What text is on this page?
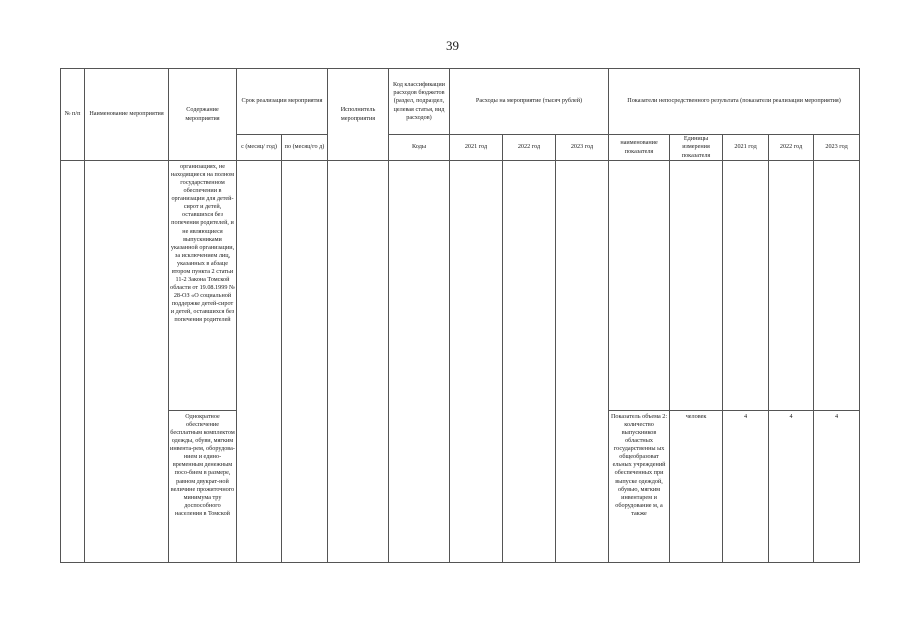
39
№ п/п	Наименование мероприятия	Содержание мероприятия	Срок реализации мероприятия		Исполнитель мероприятия	Код классификации расходов бюджетов (раздел, подраздел, целевая статья, вид расходов)	Расходы на мероприятие (тысяч рублей)			Показатели непосредственного результата (показатели реализации мероприятия)				
			с (месяц/ год)	по (месяц/го д)		Коды	2021 год	2022 год	2023 год	наименование показателя	Единицы измерения показателя	2021 год	2022 год	2023 год
		организациях, не находящиеся на полном государственном обеспечении в организации для детей-сирот и детей, оставшихся без попечения родителей, и не являющиеся выпускниками указанной организации, за исключением лиц, указанных в абзаце втором пункта 2 статьи 11-2 Закона Томской области от 19.08.1999 № 28-ОЗ «О социальной поддержке детей-сирот и детей, оставшихся без попечения родителей												
		Однократное обеспечение бесплатным комплектом одежды, обуви, мягким инвента-рем, оборудова-нием и едино-временным денежным посо-бием в размере, равном двукрат-ной величине прожиточного минимума тру доспособного населения в Томской								Показатель объема 2: количество выпускников областных государственны ых общеобразоват ельных учреждений обеспеченных при выпуске одеждой, обувью, мягким инвентарем и оборудование м, а также	человек	4	4	4
